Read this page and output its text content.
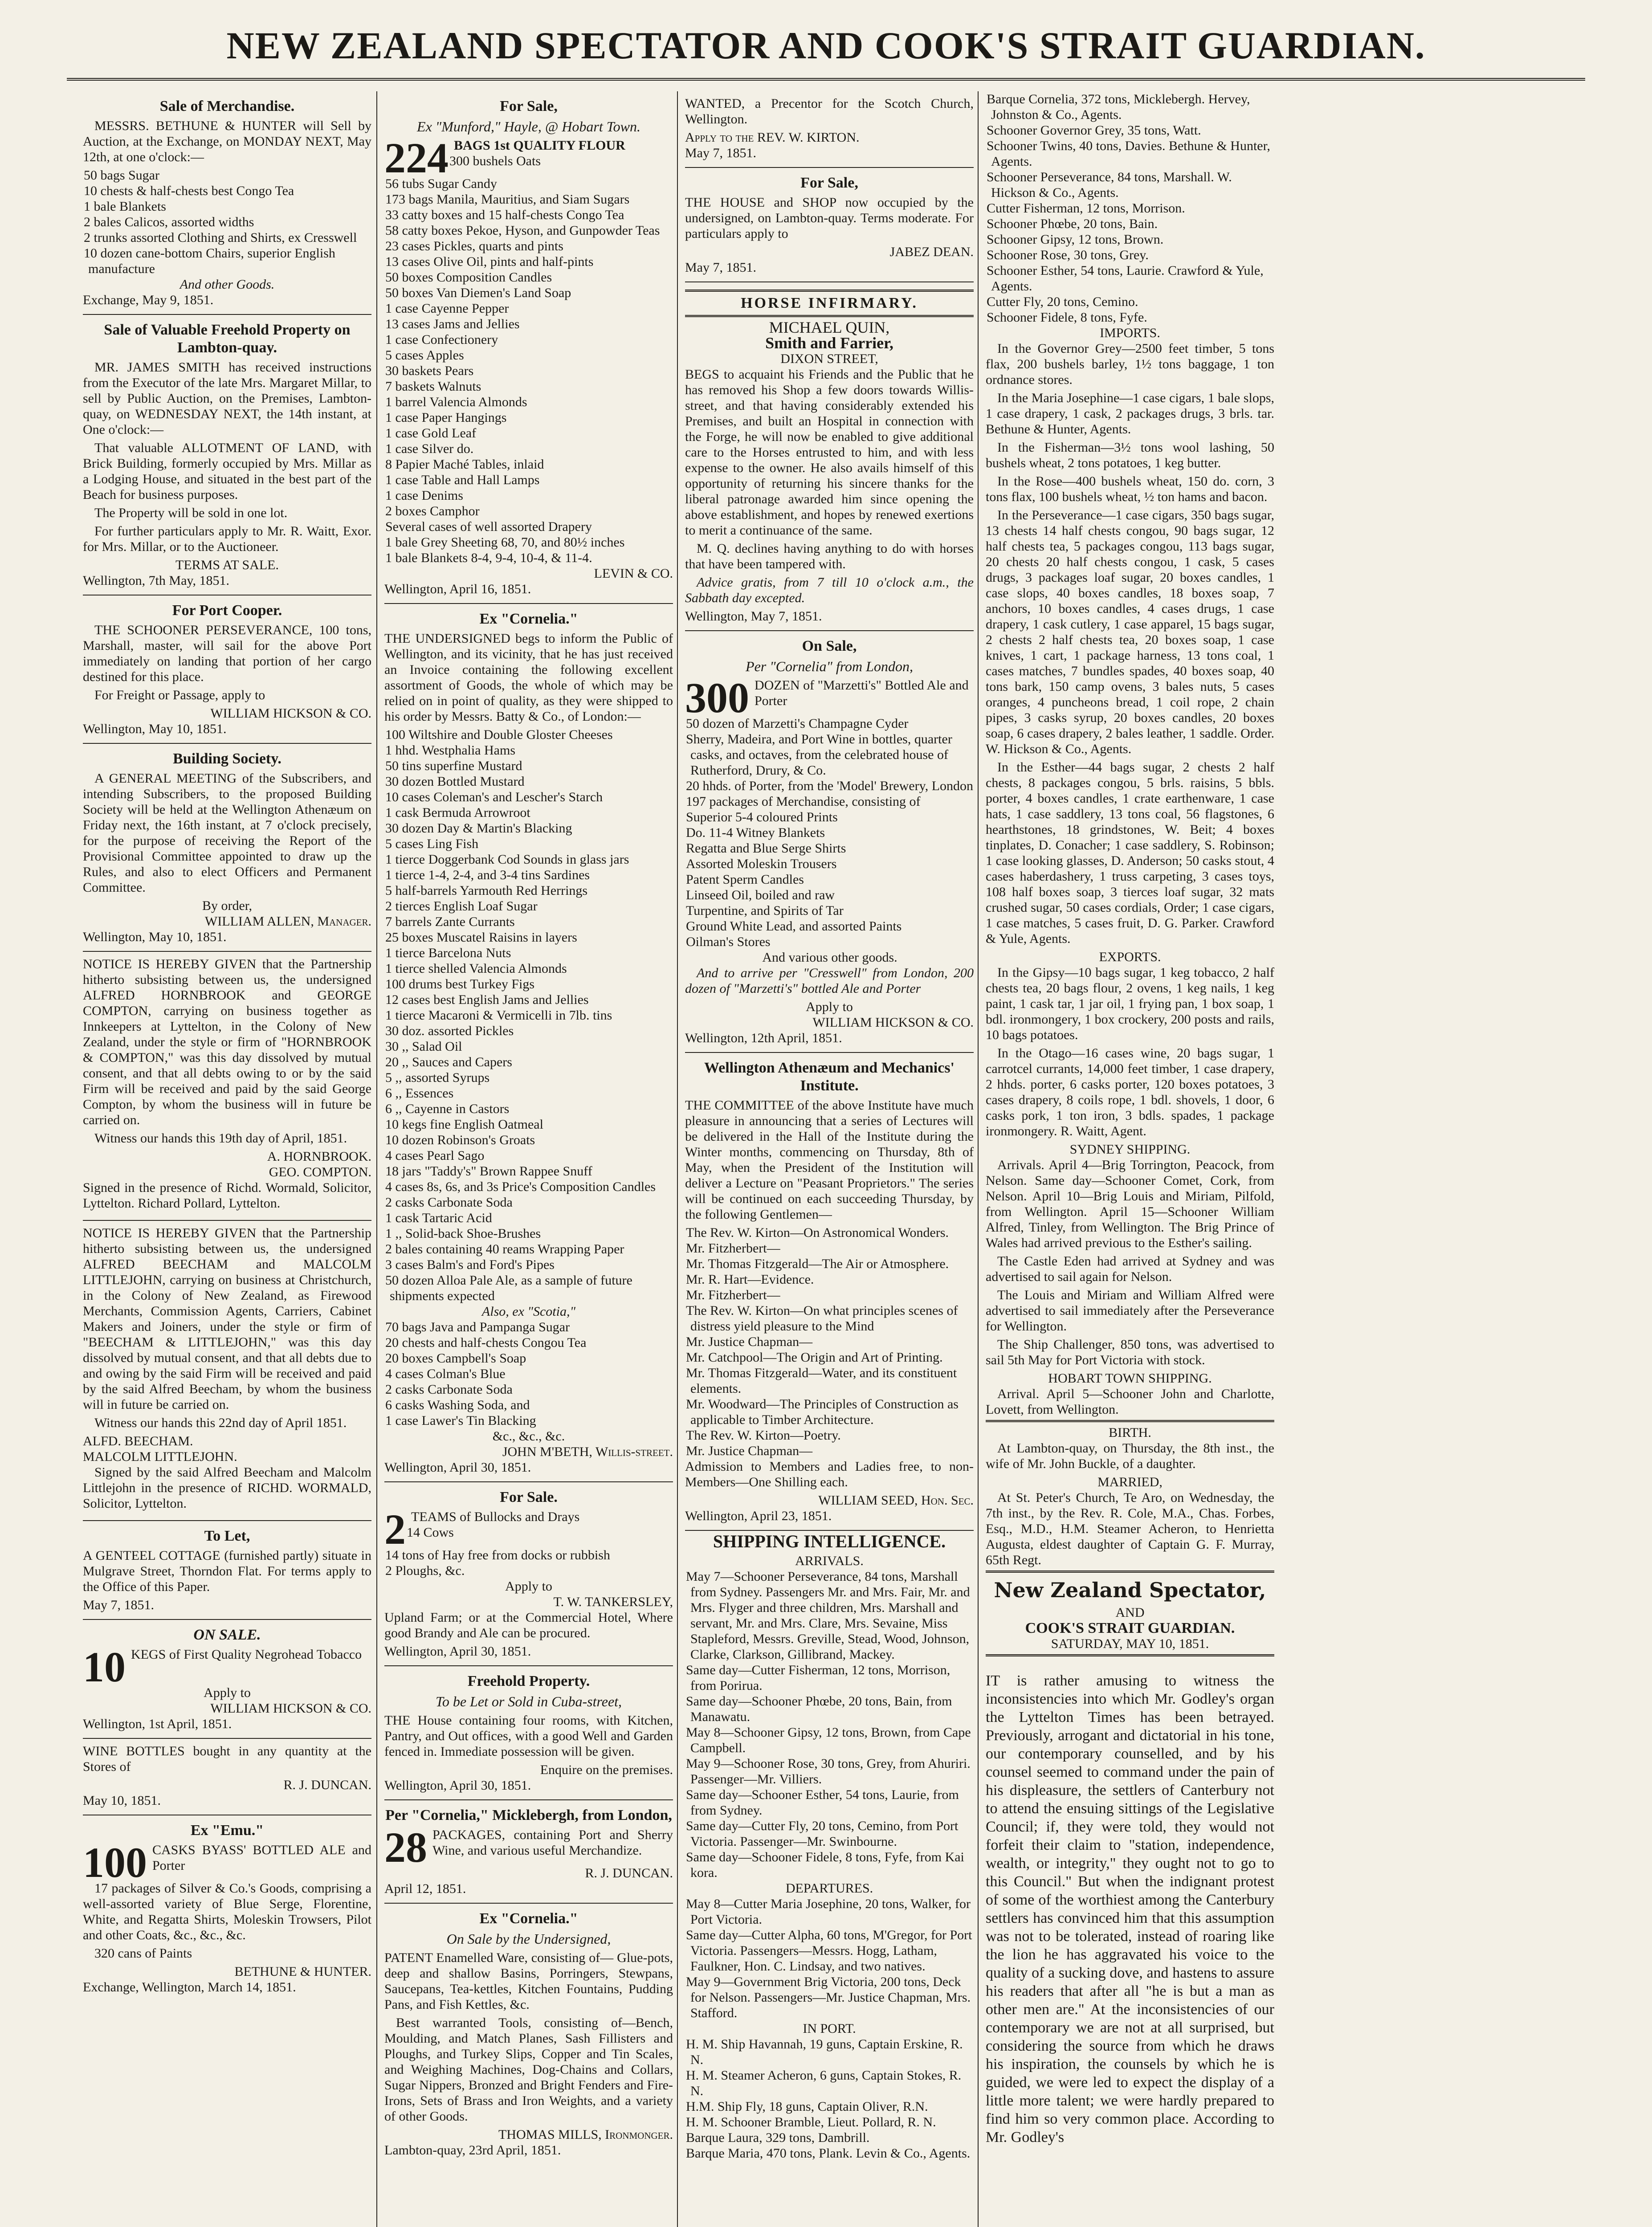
NEW ZEALAND SPECTATOR AND COOK'S STRAIT GUARDIAN.
Sale of Merchandise.

MESSRS. BETHUNE & HUNTER will Sell by Auction, at the Exchange, on MONDAY NEXT, May 12th, at one o'clock:—

50 bags Sugar
10 chests & half-chests best Congo Tea
1 bale Blankets
2 bales Calicos, assorted widths
2 trunks assorted Clothing and Shirts, ex Cresswell
10 dozen cane-bottom Chairs, superior English manufacture
And other Goods.
Exchange, May 9, 1851.
Sale of Valuable Freehold Property on Lambton-quay.

MR. JAMES SMITH has received instructions from the Executor of the late Mrs. Margaret Millar, to sell by Public Auction, on the Premises, Lambton-quay, on WEDNESDAY NEXT, the 14th instant, at One o'clock:—

That valuable ALLOTMENT OF LAND, with Brick Building, formerly occupied by Mrs. Millar as a Lodging House, and situated in the best part of the Beach for business purposes.

The Property will be sold in one lot.

For further particulars apply to Mr. R. Waitt, Exor. for Mrs. Millar, or to the Auctioneer.

TERMS AT SALE.
Wellington, 7th May, 1851.
For Port Cooper.

THE SCHOONER PERSEVERANCE, 100 tons, Marshall, master, will sail for the above Port immediately on landing that portion of her cargo destined for this place.

For Freight or Passage, apply to

WILLIAM HICKSON & CO.
Wellington, May 10, 1851.
Building Society.

A GENERAL MEETING of the Subscribers, and intending Subscribers, to the proposed Building Society will be held at the Wellington Athenæum on Friday next, the 16th instant, at 7 o'clock precisely, for the purpose of receiving the Report of the Provisional Committee appointed to draw up the Rules, and also to elect Officers and Permanent Committee.

By order,
WILLIAM ALLEN, Manager.
Wellington, May 10, 1851.

NOTICE IS HEREBY GIVEN that the Partnership hitherto subsisting between us, the undersigned ALFRED HORNBROOK and GEORGE COMPTON, carrying on business together as Innkeepers at Lyttelton, in the Colony of New Zealand, under the style or firm of "HORNBROOK & COMPTON," was this day dissolved by mutual consent, and that all debts owing to or by the said Firm will be received and paid by the said George Compton, by whom the business will in future be carried on.

Witness our hands this 19th day of April, 1851.

A. HORNBROOK.
GEO. COMPTON.

Signed in the presence of Richd. Wormald, Solicitor, Lyttelton. Richard Pollard, Lyttelton.

NOTICE IS HEREBY GIVEN that the Partnership hitherto subsisting between us, the undersigned ALFRED BEECHAM and MALCOLM LITTLEJOHN, carrying on business at Christchurch, in the Colony of New Zealand, as Firewood Merchants, Commission Agents, Carriers, Cabinet Makers and Joiners, under the style or firm of "BEECHAM & LITTLEJOHN," was this day dissolved by mutual consent, and that all debts due to and owing by the said Firm will be received and paid by the said Alfred Beecham, by whom the business will in future be carried on.

Witness our hands this 22nd day of April 1851.

ALFD. BEECHAM.
MALCOLM LITTLEJOHN.

Signed by the said Alfred Beecham and Malcolm Littlejohn in the presence of RICHD. WORMALD, Solicitor, Lyttelton.

To Let,

A GENTEEL COTTAGE (furnished partly) situate in Mulgrave Street, Thorndon Flat. For terms apply to the Office of this Paper.

May 7, 1851.
ON SALE.
10 KEGS of First Quality Negrohead Tobacco

Apply to
WILLIAM HICKSON & CO.
Wellington, 1st April, 1851.

WINE BOTTLES bought in any quantity at the Stores of

R. J. DUNCAN.
May 10, 1851.
Ex "Emu."
100 CASKS BYASS' BOTTLED ALE and Porter

17 packages of Silver & Co.'s Goods, comprising a well-assorted variety of Blue Serge, Florentine, White, and Regatta Shirts, Moleskin Trowsers, Pilot and other Coats, &c., &c., &c.

320 cans of Paints

BETHUNE & HUNTER.
Exchange, Wellington, March 14, 1851.
For Sale,
Ex "Munford," Hayle, @ Hobart Town.
224 BAGS 1st QUALITY FLOUR
300 bushels Oats
56 tubs Sugar Candy
173 bags Manila, Mauritius, and Siam Sugars
33 catty boxes and 15 half-chests Congo Tea
58 catty boxes Pekoe, Hyson, and Gunpowder Teas
23 cases Pickles, quarts and pints
13 cases Olive Oil, pints and half-pints
50 boxes Composition Candles
50 boxes Van Diemen's Land Soap
1 case Cayenne Pepper
13 cases Jams and Jellies
1 case Confectionery
5 cases Apples
30 baskets Pears
7 baskets Walnuts
1 barrel Valencia Almonds
1 case Paper Hangings
1 case Gold Leaf
1 case Silver do.
8 Papier Maché Tables, inlaid
1 case Table and Hall Lamps
1 case Denims
2 boxes Camphor
Several cases of well assorted Drapery
1 bale Grey Sheeting 68, 70, and 80½ inches
1 bale Blankets 8-4, 9-4, 10-4, & 11-4.
LEVIN & CO.
Wellington, April 16, 1851.
Ex "Cornelia."

THE UNDERSIGNED begs to inform the Public of Wellington, and its vicinity, that he has just received an Invoice containing the following excellent assortment of Goods, the whole of which may be relied on in point of quality, as they were shipped to his order by Messrs. Batty & Co., of London:—

100 Wiltshire and Double Gloster Cheeses
1 hhd. Westphalia Hams
50 tins superfine Mustard
30 dozen Bottled Mustard
10 cases Coleman's and Lescher's Starch
1 cask Bermuda Arrowroot
30 dozen Day & Martin's Blacking
5 cases Ling Fish
1 tierce Doggerbank Cod Sounds in glass jars
1 tierce 1-4, 2-4, and 3-4 tins Sardines
5 half-barrels Yarmouth Red Herrings
2 tierces English Loaf Sugar
7 barrels Zante Currants
25 boxes Muscatel Raisins in layers
1 tierce Barcelona Nuts
1 tierce shelled Valencia Almonds
100 drums best Turkey Figs
12 cases best English Jams and Jellies
1 tierce Macaroni & Vermicelli in 7lb. tins
30 doz. assorted Pickles
30 ,, Salad Oil
20 ,, Sauces and Capers
5 ,, assorted Syrups
6 ,, Essences
6 ,, Cayenne in Castors
10 kegs fine English Oatmeal
10 dozen Robinson's Groats
4 cases Pearl Sago
18 jars "Taddy's" Brown Rappee Snuff
4 cases 8s, 6s, and 3s Price's Composition Candles
2 casks Carbonate Soda
1 cask Tartaric Acid
1 ,, Solid-back Shoe-Brushes
2 bales containing 40 reams Wrapping Paper
3 cases Balm's and Ford's Pipes
50 dozen Alloa Pale Ale, as a sample of future shipments expected
Also, ex "Scotia,"
70 bags Java and Pampanga Sugar
20 chests and half-chests Congou Tea
20 boxes Campbell's Soap
4 cases Colman's Blue
2 casks Carbonate Soda
6 casks Washing Soda, and
1 case Lawer's Tin Blacking
&c., &c., &c.
JOHN M'BETH, Willis-street.
Wellington, April 30, 1851.
For Sale.
2 TEAMS of Bullocks and Drays
14 Cows
14 tons of Hay free from docks or rubbish
2 Ploughs, &c.
Apply to
T. W. TANKERSLEY,

Upland Farm; or at the Commercial Hotel, Where good Brandy and Ale can be procured.

Wellington, April 30, 1851.
Freehold Property.
To be Let or Sold in Cuba-street,

THE House containing four rooms, with Kitchen, Pantry, and Out offices, with a good Well and Garden fenced in. Immediate possession will be given.

Enquire on the premises.
Wellington, April 30, 1851.
Per "Cornelia," Micklebergh, from London,
28 PACKAGES, containing Port and Sherry Wine, and various useful Merchandize.

R. J. DUNCAN.
April 12, 1851.
Ex "Cornelia."
On Sale by the Undersigned,

PATENT Enamelled Ware, consisting of— Glue-pots, deep and shallow Basins, Porringers, Stewpans, Saucepans, Tea-kettles, Kitchen Fountains, Pudding Pans, and Fish Kettles, &c.

Best warranted Tools, consisting of—Bench, Moulding, and Match Planes, Sash Fillisters and Ploughs, and Turkey Slips, Copper and Tin Scales, and Weighing Machines, Dog-Chains and Collars, Sugar Nippers, Bronzed and Bright Fenders and Fire-Irons, Sets of Brass and Iron Weights, and a variety of other Goods.

THOMAS MILLS, Ironmonger.
Lambton-quay, 23rd April, 1851.

WANTED, a Precentor for the Scotch Church, Wellington.

Apply to the REV. W. KIRTON.
May 7, 1851.
For Sale,

THE HOUSE and SHOP now occupied by the undersigned, on Lambton-quay. Terms moderate. For particulars apply to

JABEZ DEAN.
May 7, 1851.
HORSE INFIRMARY.
MICHAEL QUIN,
Smith and Farrier,
DIXON STREET,

BEGS to acquaint his Friends and the Public that he has removed his Shop a few doors towards Willis-street, and that having considerably extended his Premises, and built an Hospital in connection with the Forge, he will now be enabled to give additional care to the Horses entrusted to him, and with less expense to the owner. He also avails himself of this opportunity of returning his sincere thanks for the liberal patronage awarded him since opening the above establishment, and hopes by renewed exertions to merit a continuance of the same.

M. Q. declines having anything to do with horses that have been tampered with.

Advice gratis, from 7 till 10 o'clock a.m., the Sabbath day excepted.

Wellington, May 7, 1851.
On Sale,
Per "Cornelia" from London,
300 DOZEN of "Marzetti's" Bottled Ale and Porter
50 dozen of Marzetti's Champagne Cyder
Sherry, Madeira, and Port Wine in bottles, quarter casks, and octaves, from the celebrated house of Rutherford, Drury, & Co.
20 hhds. of Porter, from the 'Model' Brewery, London
197 packages of Merchandise, consisting of
Superior 5-4 coloured Prints
Do. 11-4 Witney Blankets
Regatta and Blue Serge Shirts
Assorted Moleskin Trousers
Patent Sperm Candles
Linseed Oil, boiled and raw
Turpentine, and Spirits of Tar
Ground White Lead, and assorted Paints
Oilman's Stores
And various other goods.

And to arrive per "Cresswell" from London, 200 dozen of "Marzetti's" bottled Ale and Porter

Apply to
WILLIAM HICKSON & CO.
Wellington, 12th April, 1851.
Wellington Athenæum and Mechanics' Institute.

THE COMMITTEE of the above Institute have much pleasure in announcing that a series of Lectures will be delivered in the Hall of the Institute during the Winter months, commencing on Thursday, 8th of May, when the President of the Institution will deliver a Lecture on "Peasant Proprietors." The series will be continued on each succeeding Thursday, by the following Gentlemen—

The Rev. W. Kirton—On Astronomical Wonders.
Mr. Fitzherbert—
Mr. Thomas Fitzgerald—The Air or Atmosphere.
Mr. R. Hart—Evidence.
Mr. Fitzherbert—
The Rev. W. Kirton—On what principles scenes of distress yield pleasure to the Mind
Mr. Justice Chapman—
Mr. Catchpool—The Origin and Art of Printing.
Mr. Thomas Fitzgerald—Water, and its constituent elements.
Mr. Woodward—The Principles of Construction as applicable to Timber Architecture.
The Rev. W. Kirton—Poetry.
Mr. Justice Chapman—

Admission to Members and Ladies free, to non-Members—One Shilling each.

WILLIAM SEED, Hon. Sec.
Wellington, April 23, 1851.
SHIPPING INTELLIGENCE.
ARRIVALS.
May 7—Schooner Perseverance, 84 tons, Marshall from Sydney. Passengers Mr. and Mrs. Fair, Mr. and Mrs. Flyger and three children, Mrs. Marshall and servant, Mr. and Mrs. Clare, Mrs. Sevaine, Miss Stapleford, Messrs. Greville, Stead, Wood, Johnson, Clarke, Clarkson, Gillibrand, Mackey.
Same day—Cutter Fisherman, 12 tons, Morrison, from Porirua.
Same day—Schooner Phœbe, 20 tons, Bain, from Manawatu.
May 8—Schooner Gipsy, 12 tons, Brown, from Cape Campbell.
May 9—Schooner Rose, 30 tons, Grey, from Ahuriri. Passenger—Mr. Villiers.
Same day—Schooner Esther, 54 tons, Laurie, from from Sydney.
Same day—Cutter Fly, 20 tons, Cemino, from Port Victoria. Passenger—Mr. Swinbourne.
Same day—Schooner Fidele, 8 tons, Fyfe, from Kai kora.
DEPARTURES.
May 8—Cutter Maria Josephine, 20 tons, Walker, for Port Victoria.
Same day—Cutter Alpha, 60 tons, M'Gregor, for Port Victoria. Passengers—Messrs. Hogg, Latham, Faulkner, Hon. C. Lindsay, and two natives.
May 9—Government Brig Victoria, 200 tons, Deck for Nelson. Passengers—Mr. Justice Chapman, Mrs. Stafford.
IN PORT.
H. M. Ship Havannah, 19 guns, Captain Erskine, R. N.
H. M. Steamer Acheron, 6 guns, Captain Stokes, R. N.
H.M. Ship Fly, 18 guns, Captain Oliver, R.N.
H. M. Schooner Bramble, Lieut. Pollard, R. N.
Barque Laura, 329 tons, Dambrill.
Barque Maria, 470 tons, Plank. Levin & Co., Agents.
Barque Cornelia, 372 tons, Micklebergh. Hervey, Johnston & Co., Agents.
Schooner Governor Grey, 35 tons, Watt.
Schooner Twins, 40 tons, Davies. Bethune & Hunter, Agents.
Schooner Perseverance, 84 tons, Marshall. W. Hickson & Co., Agents.
Cutter Fisherman, 12 tons, Morrison.
Schooner Phœbe, 20 tons, Bain.
Schooner Gipsy, 12 tons, Brown.
Schooner Rose, 30 tons, Grey.
Schooner Esther, 54 tons, Laurie. Crawford & Yule, Agents.
Cutter Fly, 20 tons, Cemino.
Schooner Fidele, 8 tons, Fyfe.
IMPORTS.

In the Governor Grey—2500 feet timber, 5 tons flax, 200 bushels barley, 1½ tons baggage, 1 ton ordnance stores.

In the Maria Josephine—1 case cigars, 1 bale slops, 1 case drapery, 1 cask, 2 packages drugs, 3 brls. tar. Bethune & Hunter, Agents.

In the Fisherman—3½ tons wool lashing, 50 bushels wheat, 2 tons potatoes, 1 keg butter.

In the Rose—400 bushels wheat, 150 do. corn, 3 tons flax, 100 bushels wheat, ½ ton hams and bacon.

In the Perseverance—1 case cigars, 350 bags sugar, 13 chests 14 half chests congou, 90 bags sugar, 12 half chests tea, 5 packages congou, 113 bags sugar, 20 chests 20 half chests congou, 1 cask, 5 cases drugs, 3 packages loaf sugar, 20 boxes candles, 1 case slops, 40 boxes candles, 18 boxes soap, 7 anchors, 10 boxes candles, 4 cases drugs, 1 case drapery, 1 cask cutlery, 1 case apparel, 15 bags sugar, 2 chests 2 half chests tea, 20 boxes soap, 1 case knives, 1 cart, 1 package harness, 13 tons coal, 1 cases matches, 7 bundles spades, 40 boxes soap, 40 tons bark, 150 camp ovens, 3 bales nuts, 5 cases oranges, 4 puncheons bread, 1 coil rope, 2 chain pipes, 3 casks syrup, 20 boxes candles, 20 boxes soap, 6 cases drapery, 2 bales leather, 1 saddle. Order. W. Hickson & Co., Agents.

In the Esther—44 bags sugar, 2 chests 2 half chests, 8 packages congou, 5 brls. raisins, 5 bbls. porter, 4 boxes candles, 1 crate earthenware, 1 case hats, 1 case saddlery, 13 tons coal, 56 flagstones, 6 hearthstones, 18 grindstones, W. Beit; 4 boxes tinplates, D. Conacher; 1 case saddlery, S. Robinson; 1 case looking glasses, D. Anderson; 50 casks stout, 4 cases haberdashery, 1 truss carpeting, 3 cases toys, 108 half boxes soap, 3 tierces loaf sugar, 32 mats crushed sugar, 50 cases cordials, Order; 1 case cigars, 1 case matches, 5 cases fruit, D. G. Parker. Crawford & Yule, Agents.

EXPORTS.

In the Gipsy—10 bags sugar, 1 keg tobacco, 2 half chests tea, 20 bags flour, 2 ovens, 1 keg nails, 1 keg paint, 1 cask tar, 1 jar oil, 1 frying pan, 1 box soap, 1 bdl. ironmongery, 1 box crockery, 200 posts and rails, 10 bags potatoes.

In the Otago—16 cases wine, 20 bags sugar, 1 carrotcel currants, 14,000 feet timber, 1 case drapery, 2 hhds. porter, 6 casks porter, 120 boxes potatoes, 3 cases drapery, 8 coils rope, 1 bdl. shovels, 1 door, 6 casks pork, 1 ton iron, 3 bdls. spades, 1 package ironmongery. R. Waitt, Agent.

SYDNEY SHIPPING.

Arrivals. April 4—Brig Torrington, Peacock, from Nelson. Same day—Schooner Comet, Cork, from Nelson. April 10—Brig Louis and Miriam, Pilfold, from Wellington. April 15—Schooner William Alfred, Tinley, from Wellington. The Brig Prince of Wales had arrived previous to the Esther's sailing.

The Castle Eden had arrived at Sydney and was advertised to sail again for Nelson.

The Louis and Miriam and William Alfred were advertised to sail immediately after the Perseverance for Wellington.

The Ship Challenger, 850 tons, was advertised to sail 5th May for Port Victoria with stock.

HOBART TOWN SHIPPING.

Arrival. April 5—Schooner John and Charlotte, Lovett, from Wellington.

BIRTH.

At Lambton-quay, on Thursday, the 8th inst., the wife of Mr. John Buckle, of a daughter.

MARRIED,

At St. Peter's Church, Te Aro, on Wednesday, the 7th inst., by the Rev. R. Cole, M.A., Chas. Forbes, Esq., M.D., H.M. Steamer Acheron, to Henrietta Augusta, eldest daughter of Captain G. F. Murray, 65th Regt.

New Zealand Spectator,
AND
COOK'S STRAIT GUARDIAN.
SATURDAY, MAY 10, 1851.

IT is rather amusing to witness the inconsistencies into which Mr. Godley's organ the Lyttelton Times has been betrayed. Previously, arrogant and dictatorial in his tone, our contemporary counselled, and by his counsel seemed to command under the pain of his displeasure, the settlers of Canterbury not to attend the ensuing sittings of the Legislative Council; if, they were told, they would not forfeit their claim to "station, independence, wealth, or integrity," they ought not to go to this Council." But when the indignant protest of some of the worthiest among the Canterbury settlers has convinced him that this assumption was not to be tolerated, instead of roaring like the lion he has aggravated his voice to the quality of a sucking dove, and hastens to assure his readers that after all "he is but a man as other men are." At the inconsistencies of our contemporary we are not at all surprised, but considering the source from which he draws his inspiration, the counsels by which he is guided, we were led to expect the display of a little more talent; we were hardly prepared to find him so very common place. According to Mr. Godley's
